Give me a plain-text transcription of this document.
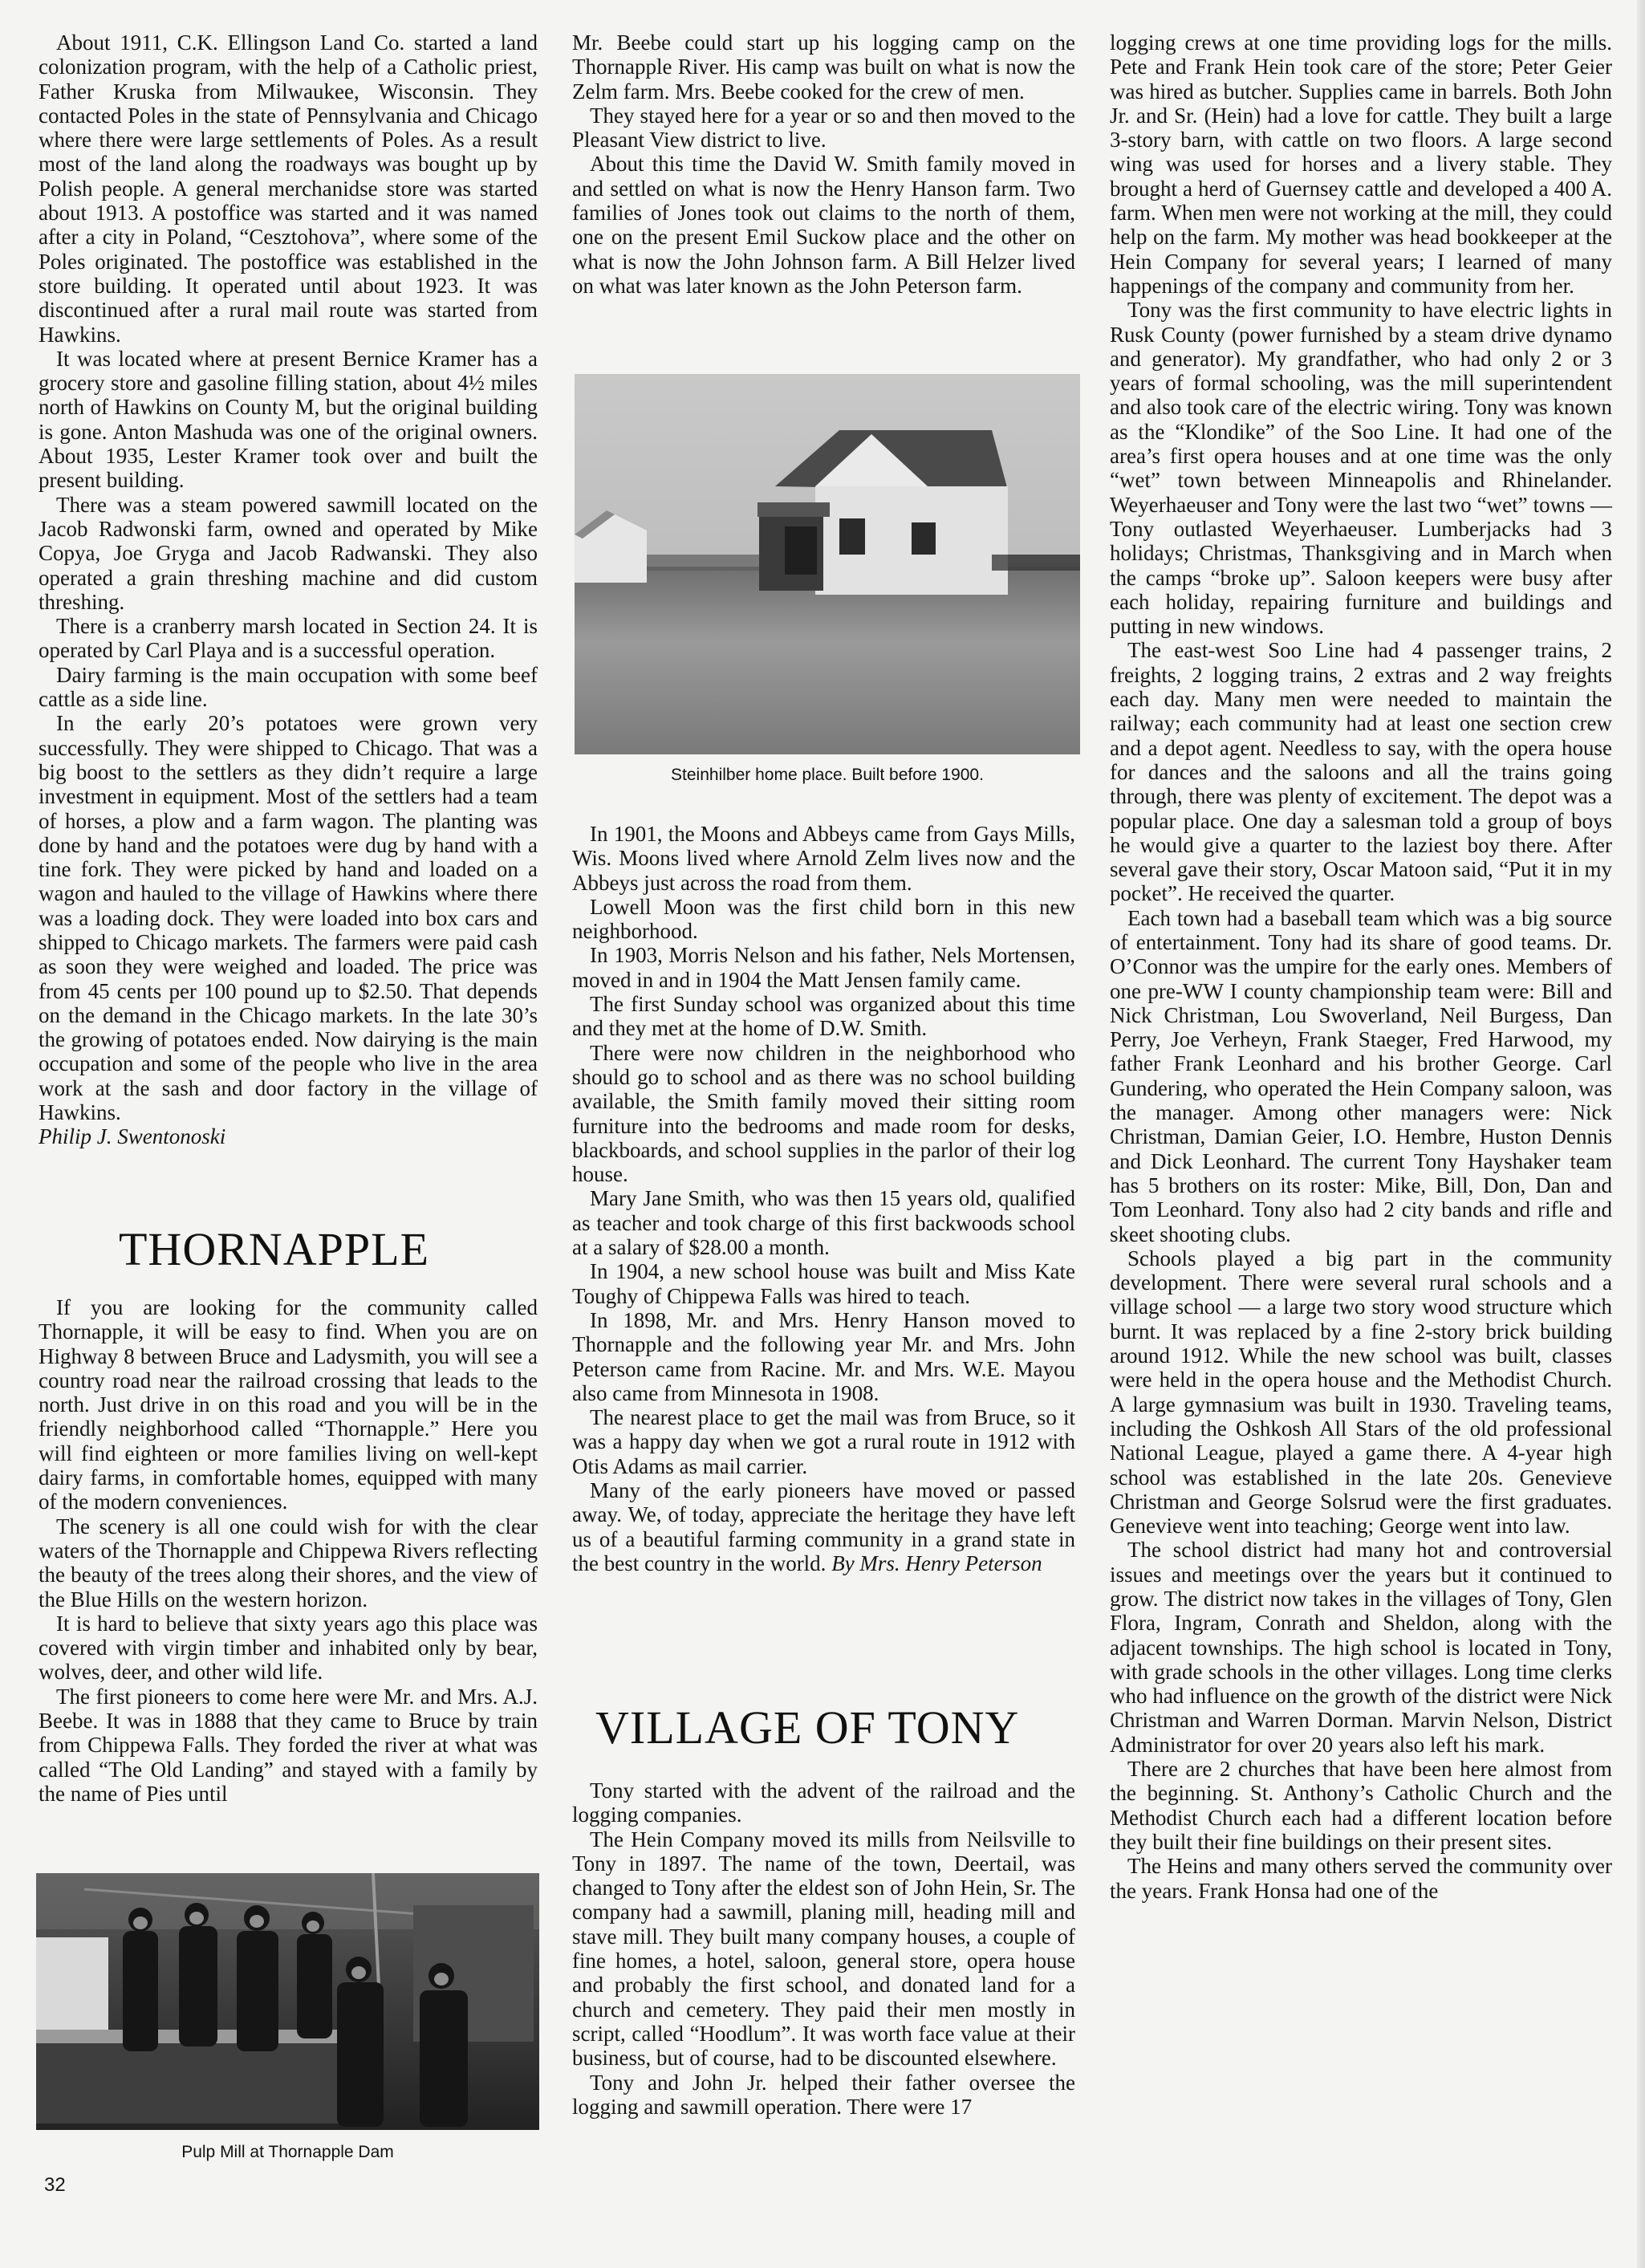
About 1911, C.K. Ellingson Land Co. started a land colonization program, with the help of a Catholic priest, Father Kruska from Milwaukee, Wisconsin. They contacted Poles in the state of Pennsylvania and Chicago where there were large settlements of Poles. As a result most of the land along the roadways was bought up by Polish people. A general merchanidse store was started about 1913. A postoffice was started and it was named after a city in Poland, “Cesztohova”, where some of the Poles originated. The postoffice was established in the store building. It operated until about 1923. It was discontinued after a rural mail route was started from Hawkins.

It was located where at present Bernice Kramer has a grocery store and gasoline filling station, about 4½ miles north of Hawkins on County M, but the original building is gone. Anton Mashuda was one of the original owners. About 1935, Lester Kramer took over and built the present building.

There was a steam powered sawmill located on the Jacob Radwonski farm, owned and operated by Mike Copya, Joe Gryga and Jacob Radwanski. They also operated a grain threshing machine and did custom threshing.

There is a cranberry marsh located in Section 24. It is operated by Carl Playa and is a successful operation.

Dairy farming is the main occupation with some beef cattle as a side line.

In the early 20’s potatoes were grown very successfully. They were shipped to Chicago. That was a big boost to the settlers as they didn’t require a large investment in equipment. Most of the settlers had a team of horses, a plow and a farm wagon. The planting was done by hand and the potatoes were dug by hand with a tine fork. They were picked by hand and loaded on a wagon and hauled to the village of Hawkins where there was a loading dock. They were loaded into box cars and shipped to Chicago markets. The farmers were paid cash as soon they were weighed and loaded. The price was from 45 cents per 100 pound up to $2.50. That depends on the demand in the Chicago markets. In the late 30’s the growing of potatoes ended. Now dairying is the main occupation and some of the people who live in the area work at the sash and door factory in the village of Hawkins.

Philip J. Swentonoski

THORNAPPLE

If you are looking for the community called Thornapple, it will be easy to find. When you are on Highway 8 between Bruce and Ladysmith, you will see a country road near the railroad crossing that leads to the north. Just drive in on this road and you will be in the friendly neighborhood called “Thornapple.” Here you will find eighteen or more families living on well-kept dairy farms, in comfortable homes, equipped with many of the modern conveniences.

The scenery is all one could wish for with the clear waters of the Thornapple and Chippewa Rivers reflecting the beauty of the trees along their shores, and the view of the Blue Hills on the western horizon.

It is hard to believe that sixty years ago this place was covered with virgin timber and inhabited only by bear, wolves, deer, and other wild life.

The first pioneers to come here were Mr. and Mrs. A.J. Beebe. It was in 1888 that they came to Bruce by train from Chippewa Falls. They forded the river at what was called “The Old Landing” and stayed with a family by the name of Pies until

Pulp Mill at Thornapple Dam

Mr. Beebe could start up his logging camp on the Thornapple River. His camp was built on what is now the Zelm farm. Mrs. Beebe cooked for the crew of men.

They stayed here for a year or so and then moved to the Pleasant View district to live.

About this time the David W. Smith family moved in and settled on what is now the Henry Hanson farm. Two families of Jones took out claims to the north of them, one on the present Emil Suckow place and the other on what is now the John Johnson farm. A Bill Helzer lived on what was later known as the John Peterson farm.

Steinhilber home place. Built before 1900.

In 1901, the Moons and Abbeys came from Gays Mills, Wis. Moons lived where Arnold Zelm lives now and the Abbeys just across the road from them.

Lowell Moon was the first child born in this new neighborhood.

In 1903, Morris Nelson and his father, Nels Mortensen, moved in and in 1904 the Matt Jensen family came.

The first Sunday school was organized about this time and they met at the home of D.W. Smith.

There were now children in the neighborhood who should go to school and as there was no school building available, the Smith family moved their sitting room furniture into the bedrooms and made room for desks, blackboards, and school supplies in the parlor of their log house.

Mary Jane Smith, who was then 15 years old, qualified as teacher and took charge of this first backwoods school at a salary of $28.00 a month.

In 1904, a new school house was built and Miss Kate Toughy of Chippewa Falls was hired to teach.

In 1898, Mr. and Mrs. Henry Hanson moved to Thornapple and the following year Mr. and Mrs. John Peterson came from Racine. Mr. and Mrs. W.E. Mayou also came from Minnesota in 1908.

The nearest place to get the mail was from Bruce, so it was a happy day when we got a rural route in 1912 with Otis Adams as mail carrier.

Many of the early pioneers have moved or passed away. We, of today, appreciate the heritage they have left us of a beautiful farming community in a grand state in the best country in the world. By Mrs. Henry Peterson

VILLAGE OF TONY

Tony started with the advent of the railroad and the logging companies.

The Hein Company moved its mills from Neilsville to Tony in 1897. The name of the town, Deertail, was changed to Tony after the eldest son of John Hein, Sr. The company had a sawmill, planing mill, heading mill and stave mill. They built many company houses, a couple of fine homes, a hotel, saloon, general store, opera house and probably the first school, and donated land for a church and cemetery. They paid their men mostly in script, called “Hoodlum”. It was worth face value at their business, but of course, had to be discounted elsewhere.

Tony and John Jr. helped their father oversee the logging and sawmill operation. There were 17

logging crews at one time providing logs for the mills. Pete and Frank Hein took care of the store; Peter Geier was hired as butcher. Supplies came in barrels. Both John Jr. and Sr. (Hein) had a love for cattle. They built a large 3-story barn, with cattle on two floors. A large second wing was used for horses and a livery stable. They brought a herd of Guernsey cattle and developed a 400 A. farm. When men were not working at the mill, they could help on the farm. My mother was head bookkeeper at the Hein Company for several years; I learned of many happenings of the company and community from her.

Tony was the first community to have electric lights in Rusk County (power furnished by a steam drive dynamo and generator). My grandfather, who had only 2 or 3 years of formal schooling, was the mill superintendent and also took care of the electric wiring. Tony was known as the “Klondike” of the Soo Line. It had one of the area’s first opera houses and at one time was the only “wet” town between Minneapolis and Rhinelander. Weyerhaeuser and Tony were the last two “wet” towns — Tony outlasted Weyerhaeuser. Lumberjacks had 3 holidays; Christmas, Thanksgiving and in March when the camps “broke up”. Saloon keepers were busy after each holiday, repairing furniture and buildings and putting in new windows.

The east-west Soo Line had 4 passenger trains, 2 freights, 2 logging trains, 2 extras and 2 way freights each day. Many men were needed to maintain the railway; each community had at least one section crew and a depot agent. Needless to say, with the opera house for dances and the saloons and all the trains going through, there was plenty of excitement. The depot was a popular place. One day a salesman told a group of boys he would give a quarter to the laziest boy there. After several gave their story, Oscar Matoon said, “Put it in my pocket”. He received the quarter.

Each town had a baseball team which was a big source of entertainment. Tony had its share of good teams. Dr. O’Connor was the umpire for the early ones. Members of one pre-WW I county championship team were: Bill and Nick Christman, Lou Swoverland, Neil Burgess, Dan Perry, Joe Verheyn, Frank Staeger, Fred Harwood, my father Frank Leonhard and his brother George. Carl Gundering, who operated the Hein Company saloon, was the manager. Among other managers were: Nick Christman, Damian Geier, I.O. Hembre, Huston Dennis and Dick Leonhard. The current Tony Hayshaker team has 5 brothers on its roster: Mike, Bill, Don, Dan and Tom Leonhard. Tony also had 2 city bands and rifle and skeet shooting clubs.

Schools played a big part in the community development. There were several rural schools and a village school — a large two story wood structure which burnt. It was replaced by a fine 2-story brick building around 1912. While the new school was built, classes were held in the opera house and the Methodist Church. A large gymnasium was built in 1930. Traveling teams, including the Oshkosh All Stars of the old professional National League, played a game there. A 4-year high school was established in the late 20s. Genevieve Christman and George Solsrud were the first graduates. Genevieve went into teaching; George went into law.

The school district had many hot and controversial issues and meetings over the years but it continued to grow. The district now takes in the villages of Tony, Glen Flora, Ingram, Conrath and Sheldon, along with the adjacent townships. The high school is located in Tony, with grade schools in the other villages. Long time clerks who had influence on the growth of the district were Nick Christman and Warren Dorman. Marvin Nelson, District Administrator for over 20 years also left his mark.

There are 2 churches that have been here almost from the beginning. St. Anthony’s Catholic Church and the Methodist Church each had a different location before they built their fine buildings on their present sites.

The Heins and many others served the community over the years. Frank Honsa had one of the

32
